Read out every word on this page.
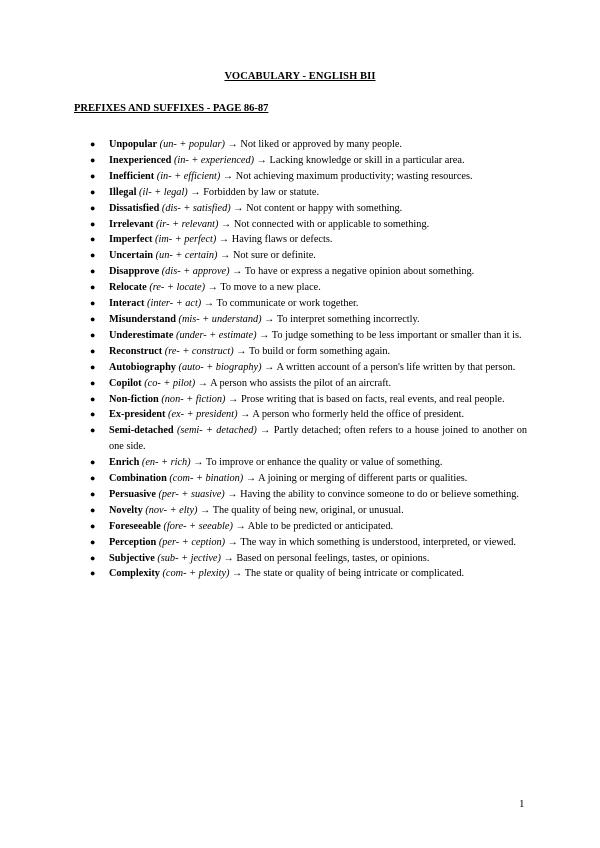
VOCABULARY - ENGLISH BII
PREFIXES AND SUFFIXES - PAGE 86-87
● Unpopular (un- + popular) → Not liked or approved by many people.
● Inexperienced (in- + experienced) → Lacking knowledge or skill in a particular area.
● Inefficient (in- + efficient) → Not achieving maximum productivity; wasting resources.
● Illegal (il- + legal) → Forbidden by law or statute.
● Dissatisfied (dis- + satisfied) → Not content or happy with something.
● Irrelevant (ir- + relevant) → Not connected with or applicable to something.
● Imperfect (im- + perfect) → Having flaws or defects.
● Uncertain (un- + certain) → Not sure or definite.
● Disapprove (dis- + approve) → To have or express a negative opinion about something.
● Relocate (re- + locate) → To move to a new place.
● Interact (inter- + act) → To communicate or work together.
● Misunderstand (mis- + understand) → To interpret something incorrectly.
● Underestimate (under- + estimate) → To judge something to be less important or smaller than it is.
● Reconstruct (re- + construct) → To build or form something again.
● Autobiography (auto- + biography) → A written account of a person's life written by that person.
● Copilot (co- + pilot) → A person who assists the pilot of an aircraft.
● Non-fiction (non- + fiction) → Prose writing that is based on facts, real events, and real people.
● Ex-president (ex- + president) → A person who formerly held the office of president.
● Semi-detached (semi- + detached) → Partly detached; often refers to a house joined to another on one side.
● Enrich (en- + rich) → To improve or enhance the quality or value of something.
● Combination (com- + bination) → A joining or merging of different parts or qualities.
● Persuasive (per- + suasive) → Having the ability to convince someone to do or believe something.
● Novelty (nov- + elty) → The quality of being new, original, or unusual.
● Foreseeable (fore- + seeable) → Able to be predicted or anticipated.
● Perception (per- + ception) → The way in which something is understood, interpreted, or viewed.
● Subjective (sub- + jective) → Based on personal feelings, tastes, or opinions.
● Complexity (com- + plexity) → The state or quality of being intricate or complicated.
1
